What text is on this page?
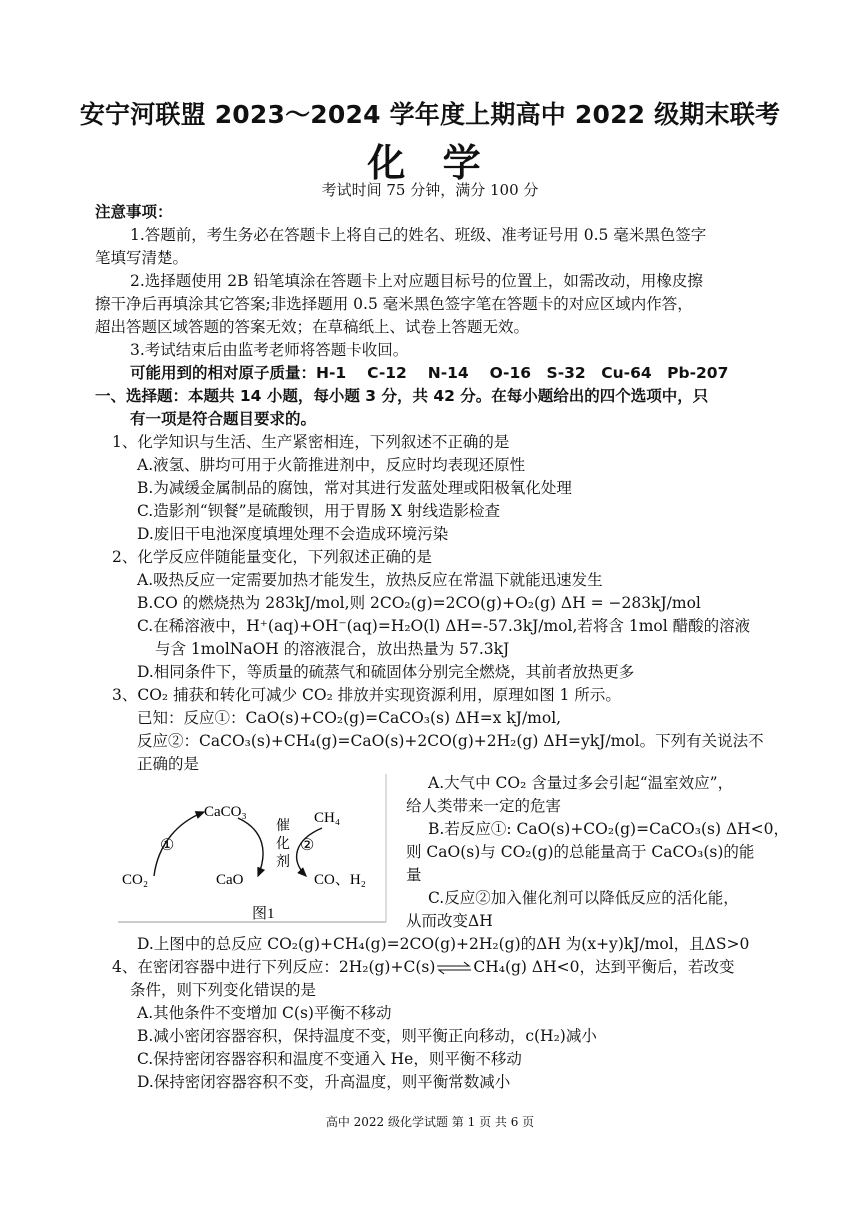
安宁河联盟 2023～2024 学年度上期高中 2022 级期末联考
化 学
考试时间 75 分钟，满分 100 分
注意事项：
1.答题前，考生务必在答题卡上将自己的姓名、班级、准考证号用 0.5 毫米黑色签字
笔填写清楚。
2.选择题使用 2B 铅笔填涂在答题卡上对应题目标号的位置上，如需改动，用橡皮擦
擦干净后再填涂其它答案;非选择题用 0.5 毫米黑色签字笔在答题卡的对应区域内作答，
超出答题区域答题的答案无效；在草稿纸上、试卷上答题无效。
3.考试结束后由监考老师将答题卡收回。
可能用到的相对原子质量：H-1　 C-12　 N-14　 O-16　S-32　Cu-64　Pb-207
一、选择题：本题共 14 小题，每小题 3 分，共 42 分。在每小题给出的四个选项中，只
有一项是符合题目要求的。
1、化学知识与生活、生产紧密相连，下列叙述不正确的是
A.液氢、肼均可用于火箭推进剂中，反应时均表现还原性
B.为减缓金属制品的腐蚀，常对其进行发蓝处理或阳极氧化处理
C.造影剂“钡餐”是硫酸钡，用于胃肠 X 射线造影检查
D.废旧干电池深度填埋处理不会造成环境污染
2、化学反应伴随能量变化，下列叙述正确的是
A.吸热反应一定需要加热才能发生，放热反应在常温下就能迅速发生
B.CO 的燃烧热为 283kJ/mol,则 2CO₂(g)=2CO(g)+O₂(g) ΔH = −283kJ/mol
C.在稀溶液中，H⁺(aq)+OH⁻(aq)=H₂O(l) ΔH=-57.3kJ/mol,若将含 1mol 醋酸的溶液
与含 1molNaOH 的溶液混合，放出热量为 57.3kJ
D.相同条件下，等质量的硫蒸气和硫固体分别完全燃烧，其前者放热更多
3、CO₂ 捕获和转化可减少 CO₂ 排放并实现资源利用，原理如图 1 所示。
已知：反应①：CaO(s)+CO₂(g)=CaCO₃(s) ΔH=x kJ/mol,
反应②：CaCO₃(s)+CH₄(g)=CaO(s)+2CO(g)+2H₂(g) ΔH=ykJ/mol。下列有关说法不
正确的是
CaCO₃	CH₄
CO₂	CaO	CO、H₂
①	②
催
化
剂
图1
A.大气中 CO₂ 含量过多会引起“温室效应”，
给人类带来一定的危害
B.若反应①: CaO(s)+CO₂(g)=CaCO₃(s) ΔH<0，
则 CaO(s)与 CO₂(g)的总能量高于 CaCO₃(s)的能
量
C.反应②加入催化剂可以降低反应的活化能，
从而改变ΔH
D.上图中的总反应 CO₂(g)+CH₄(g)=2CO(g)+2H₂(g)的ΔH 为(x+y)kJ/mol，且ΔS>0
4、在密闭容器中进行下列反应：2H₂(g)+C(s)⇌CH₄(g) ΔH<0，达到平衡后，若改变
条件，则下列变化错误的是
A.其他条件不变增加 C(s)平衡不移动
B.减小密闭容器容积，保持温度不变，则平衡正向移动，c(H₂)减小
C.保持密闭容器容积和温度不变通入 He，则平衡不移动
D.保持密闭容器容积不变，升高温度，则平衡常数减小
高中 2022 级化学试题 第 1 页 共 6 页
